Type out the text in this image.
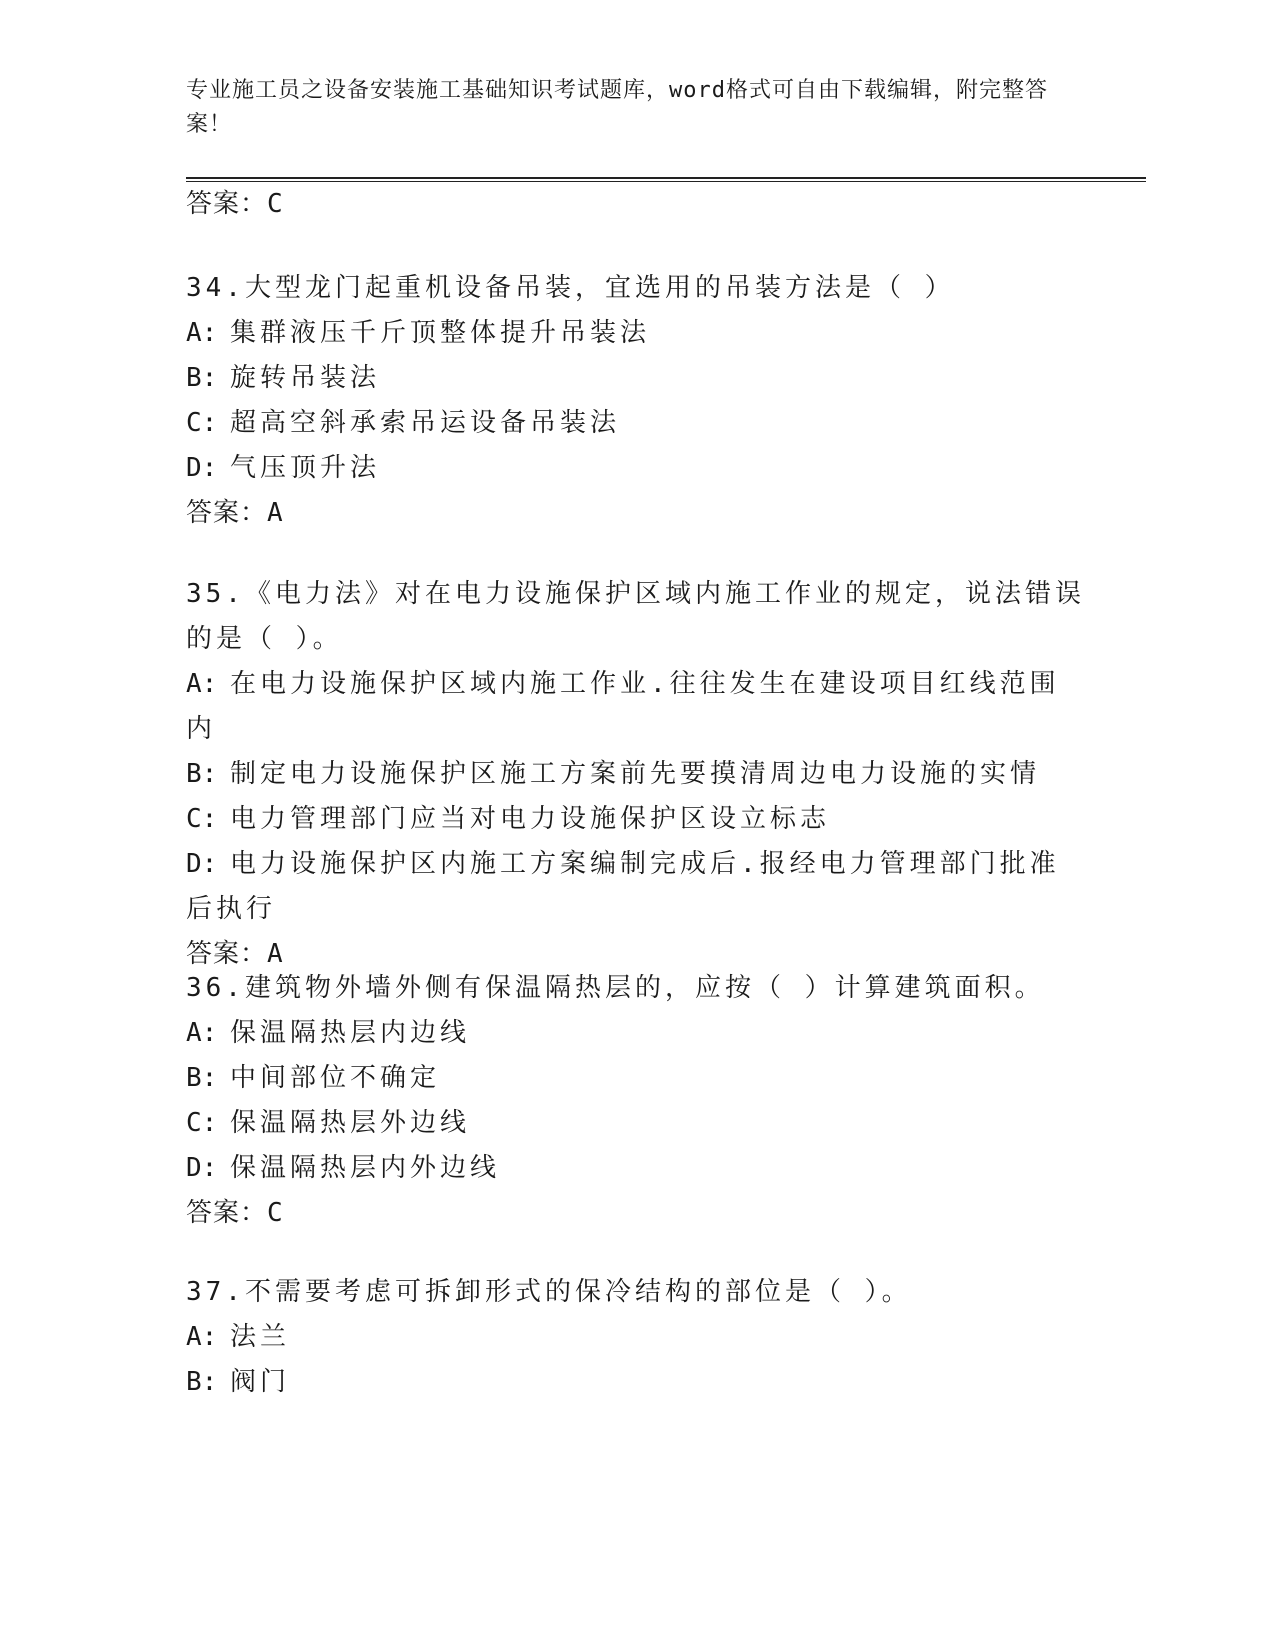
专业施工员之设备安装施工基础知识考试题库，word格式可自由下载编辑，附完整答案！
答案：C

34.大型龙门起重机设备吊装，宜选用的吊装方法是（ ）

A: 集群液压千斤顶整体提升吊装法

B: 旋转吊装法

C: 超高空斜承索吊运设备吊装法

D: 气压顶升法

答案：A

35.《电力法》对在电力设施保护区域内施工作业的规定，说法错误的是（ ）。

A: 在电力设施保护区域内施工作业.往往发生在建设项目红线范围内

B: 制定电力设施保护区施工方案前先要摸清周边电力设施的实情

C: 电力管理部门应当对电力设施保护区设立标志

D: 电力设施保护区内施工方案编制完成后.报经电力管理部门批准后执行

答案：A

36.建筑物外墙外侧有保温隔热层的，应按（ ）计算建筑面积。

A: 保温隔热层内边线

B: 中间部位不确定

C: 保温隔热层外边线

D: 保温隔热层内外边线

答案：C

37.不需要考虑可拆卸形式的保冷结构的部位是（ ）。

A: 法兰

B: 阀门
